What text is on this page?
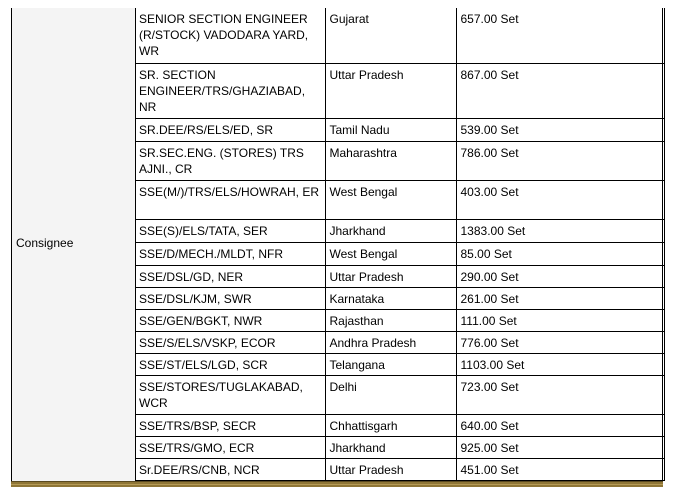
Consignee
SENIOR SECTION ENGINEER (R/STOCK) VADODARA YARD, WR	Gujarat	657.00 Set
SR. SECTION ENGINEER/TRS/GHAZIABAD, NR	Uttar Pradesh	867.00 Set
SR.DEE/RS/ELS/ED, SR	Tamil Nadu	539.00 Set
SR.SEC.ENG. (STORES) TRS AJNI., CR	Maharashtra	786.00 Set
SSE(M/)/TRS/ELS/HOWRAH, ER	West Bengal	403.00 Set
SSE(S)/ELS/TATA, SER	Jharkhand	1383.00 Set
SSE/D/MECH./MLDT, NFR	West Bengal	85.00 Set
SSE/DSL/GD, NER	Uttar Pradesh	290.00 Set
SSE/DSL/KJM, SWR	Karnataka	261.00 Set
SSE/GEN/BGKT, NWR	Rajasthan	111.00 Set
SSE/S/ELS/VSKP, ECOR	Andhra Pradesh	776.00 Set
SSE/ST/ELS/LGD, SCR	Telangana	1103.00 Set
SSE/STORES/TUGLAKABAD, WCR	Delhi	723.00 Set
SSE/TRS/BSP, SECR	Chhattisgarh	640.00 Set
SSE/TRS/GMO, ECR	Jharkhand	925.00 Set
Sr.DEE/RS/CNB, NCR	Uttar Pradesh	451.00 Set
